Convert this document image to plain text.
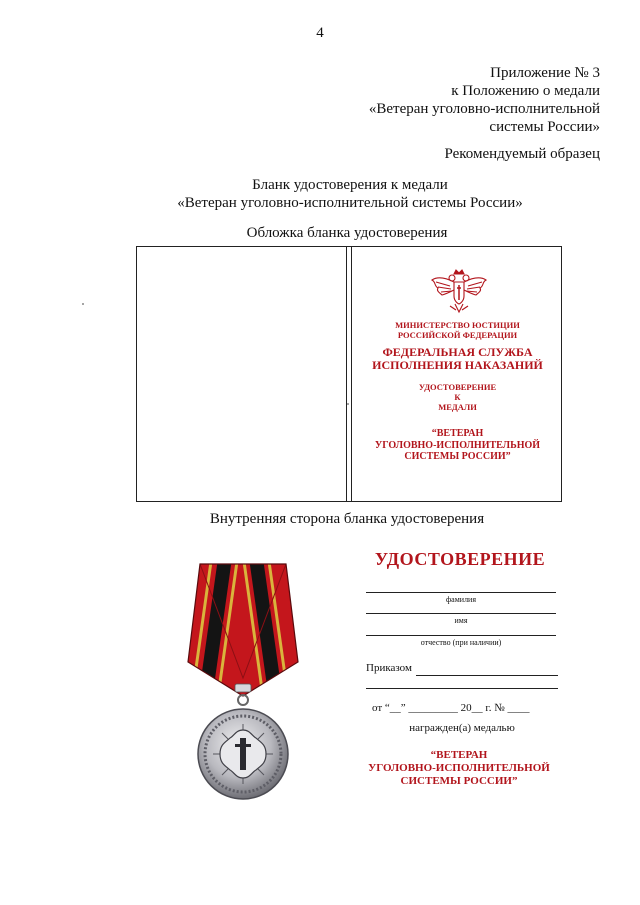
4
Приложение № 3
к Положению о медали
«Ветеран уголовно-исполнительной
системы России»
Рекомендуемый образец
Бланк удостоверения к медали
«Ветеран уголовно-исполнительной системы России»
Обложка бланка удостоверения
МИНИСТЕРСТВО ЮСТИЦИИ
РОССИЙСКОЙ ФЕДЕРАЦИИ
ФЕДЕРАЛЬНАЯ СЛУЖБА
ИСПОЛНЕНИЯ НАКАЗАНИЙ
УДОСТОВЕРЕНИЕ
К
МЕДАЛИ
“ВЕТЕРАН
УГОЛОВНО-ИСПОЛНИТЕЛЬНОЙ
СИСТЕМЫ РОССИИ”
Внутренняя сторона бланка удостоверения
УДОСТОВЕРЕНИЕ
фамилия
имя
отчество (при наличии)
Приказом
от “__” _________ 20__ г. № ____
награжден(а) медалью
“ВЕТЕРАН
УГОЛОВНО-ИСПОЛНИТЕЛЬНОЙ
СИСТЕМЫ РОССИИ”
